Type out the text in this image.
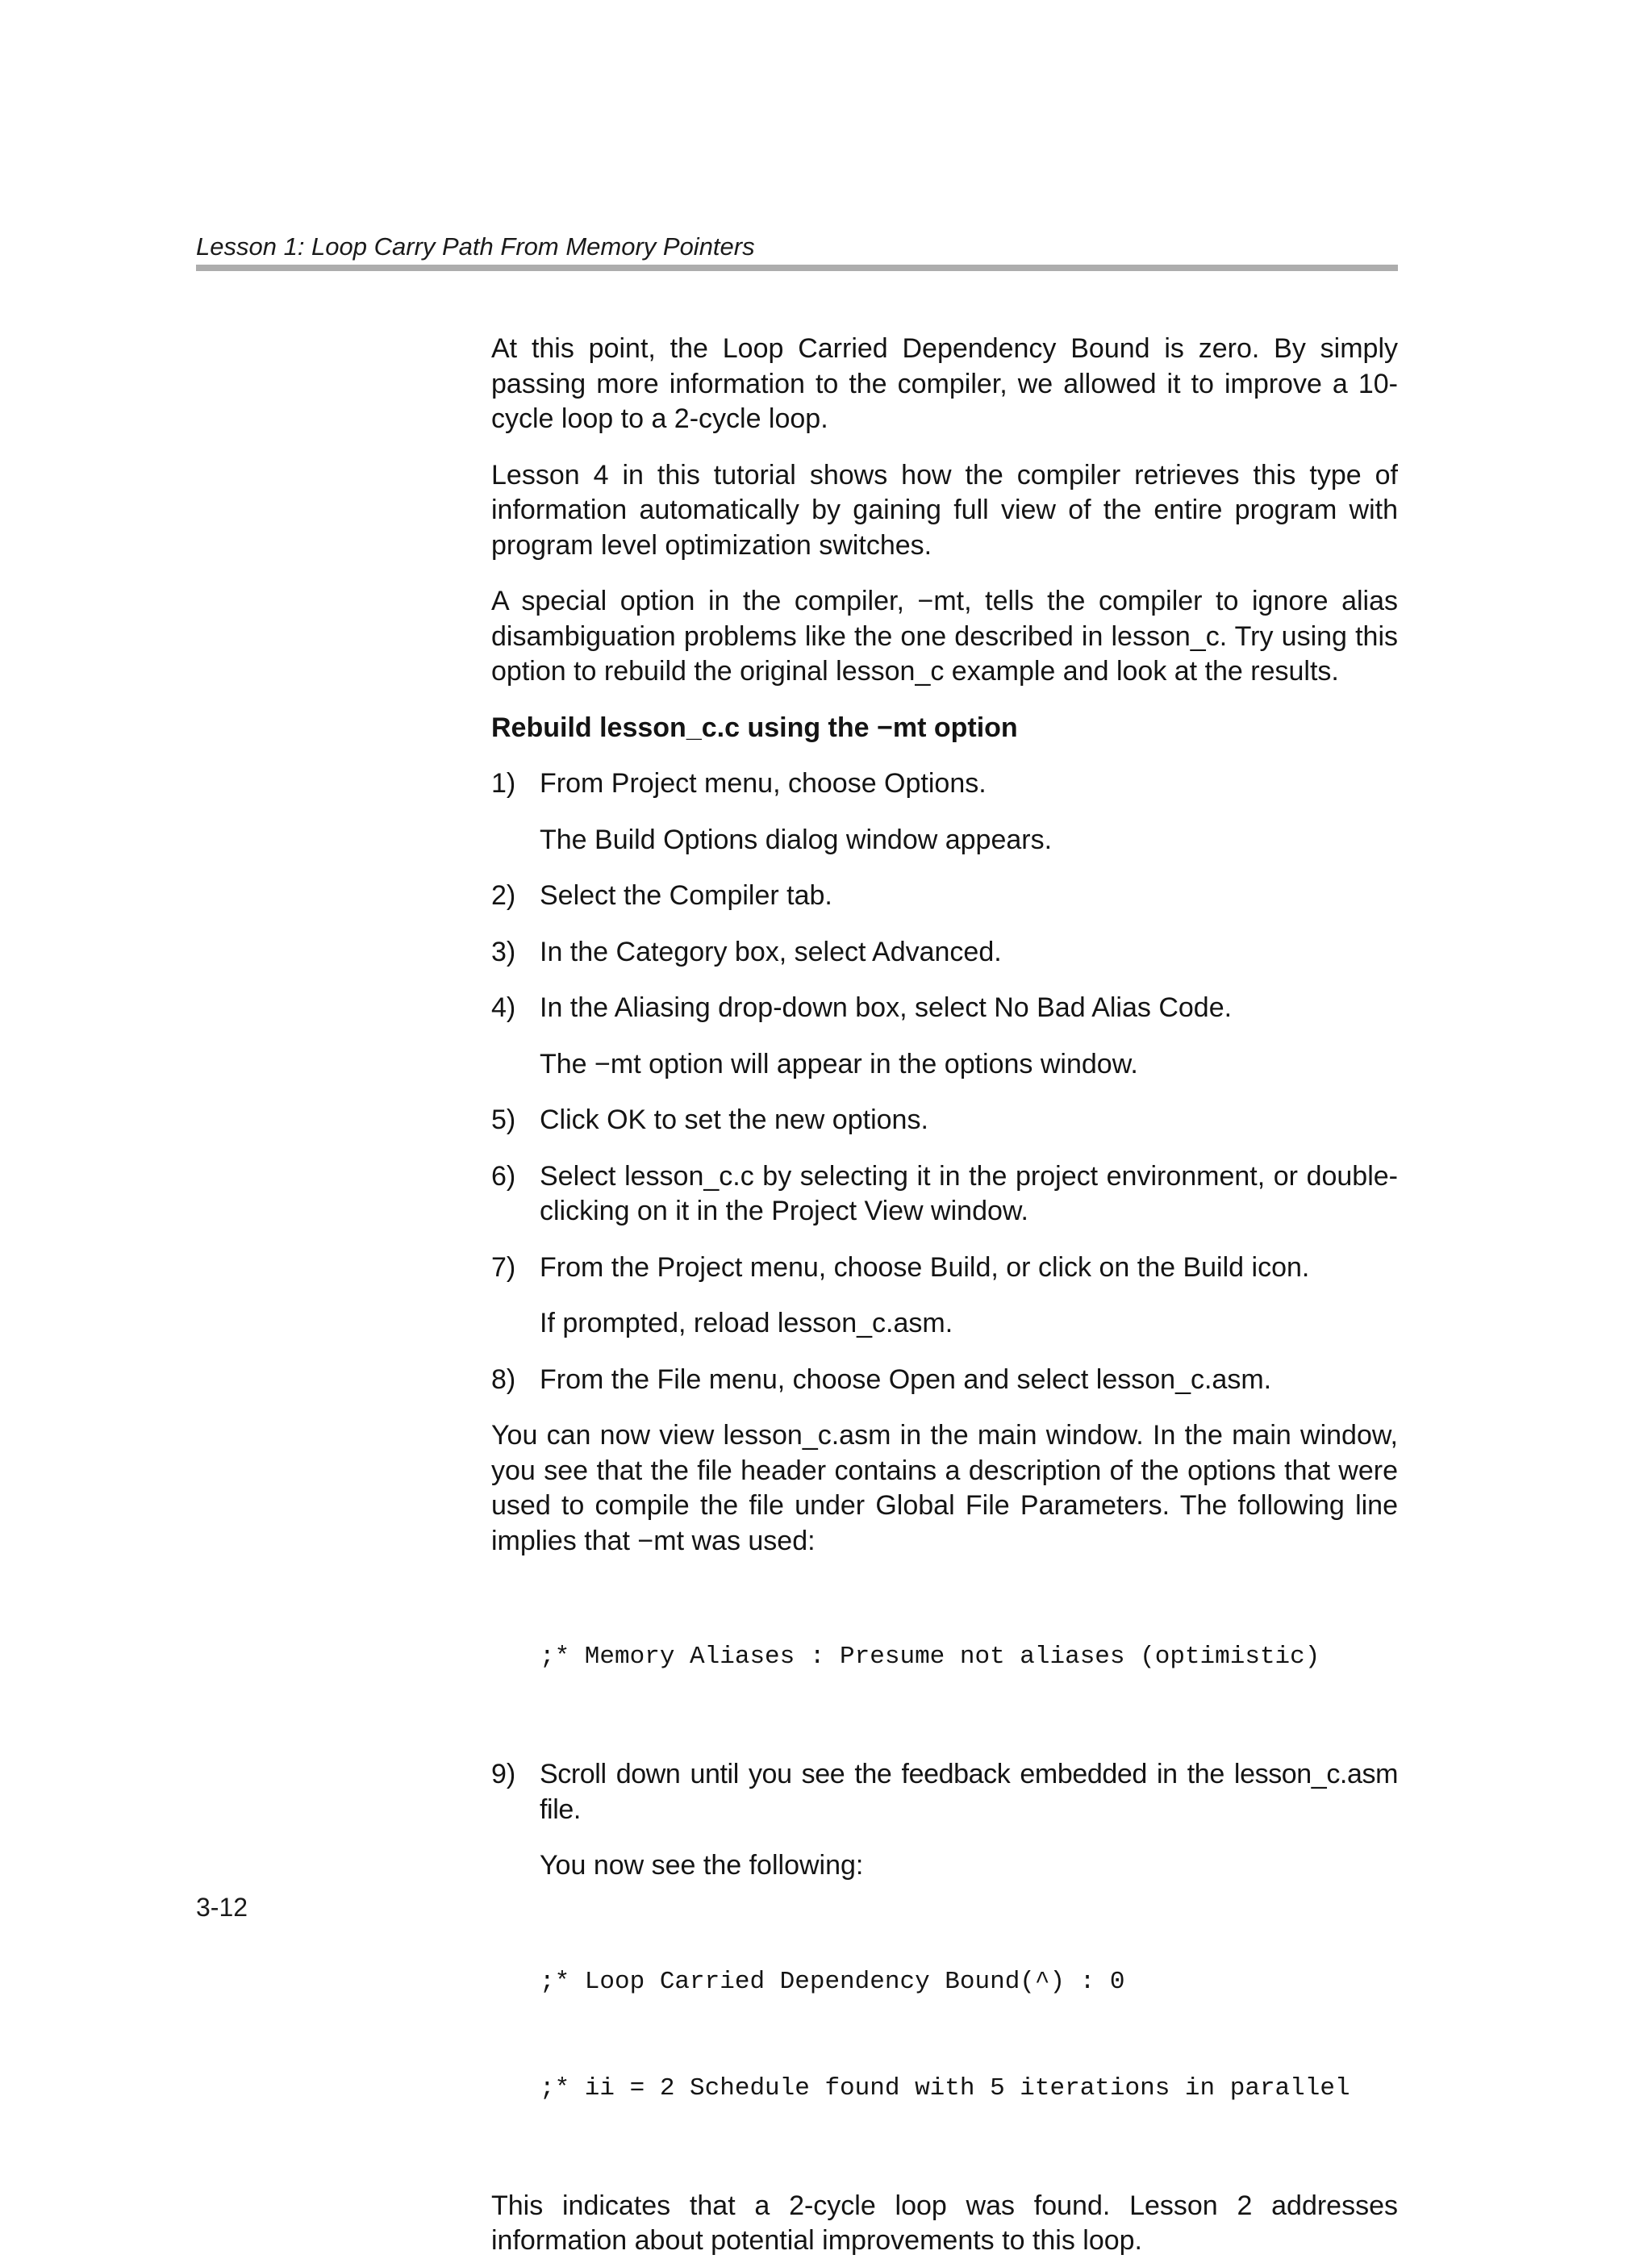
Lesson 1: Loop Carry Path From Memory Pointers

At this point, the Loop Carried Dependency Bound is zero. By simply passing more information to the compiler, we allowed it to improve a 10-cycle loop to a 2-cycle loop.

Lesson 4 in this tutorial shows how the compiler retrieves this type of information automatically by gaining full view of the entire program with program level optimization switches.

A special option in the compiler, −mt, tells the compiler to ignore alias disambiguation problems like the one described in lesson_c. Try using this option to rebuild the original lesson_c example and look at the results.

Rebuild lesson_c.c using the −mt option
1) From Project menu, choose Options.
The Build Options dialog window appears.
2) Select the Compiler tab.
3) In the Category box, select Advanced.
4) In the Aliasing drop-down box, select No Bad Alias Code.
The −mt option will appear in the options window.
5) Click OK to set the new options.
6) Select lesson_c.c by selecting it in the project environment, or double-clicking on it in the Project View window.
7) From the Project menu, choose Build, or click on the Build icon.
If prompted, reload lesson_c.asm.
8) From the File menu, choose Open and select lesson_c.asm.

You can now view lesson_c.asm in the main window. In the main window, you see that the file header contains a description of the options that were used to compile the file under Global File Parameters. The following line implies that −mt was used:

;* Memory Aliases : Presume not aliases (optimistic)

9) Scroll down until you see the feedback embedded in the lesson_c.asm file.
You now see the following:

;* Loop Carried Dependency Bound(^) : 0

;* ii = 2 Schedule found with 5 iterations in parallel

This indicates that a 2-cycle loop was found. Lesson 2 addresses information about potential improvements to this loop.

3-12
